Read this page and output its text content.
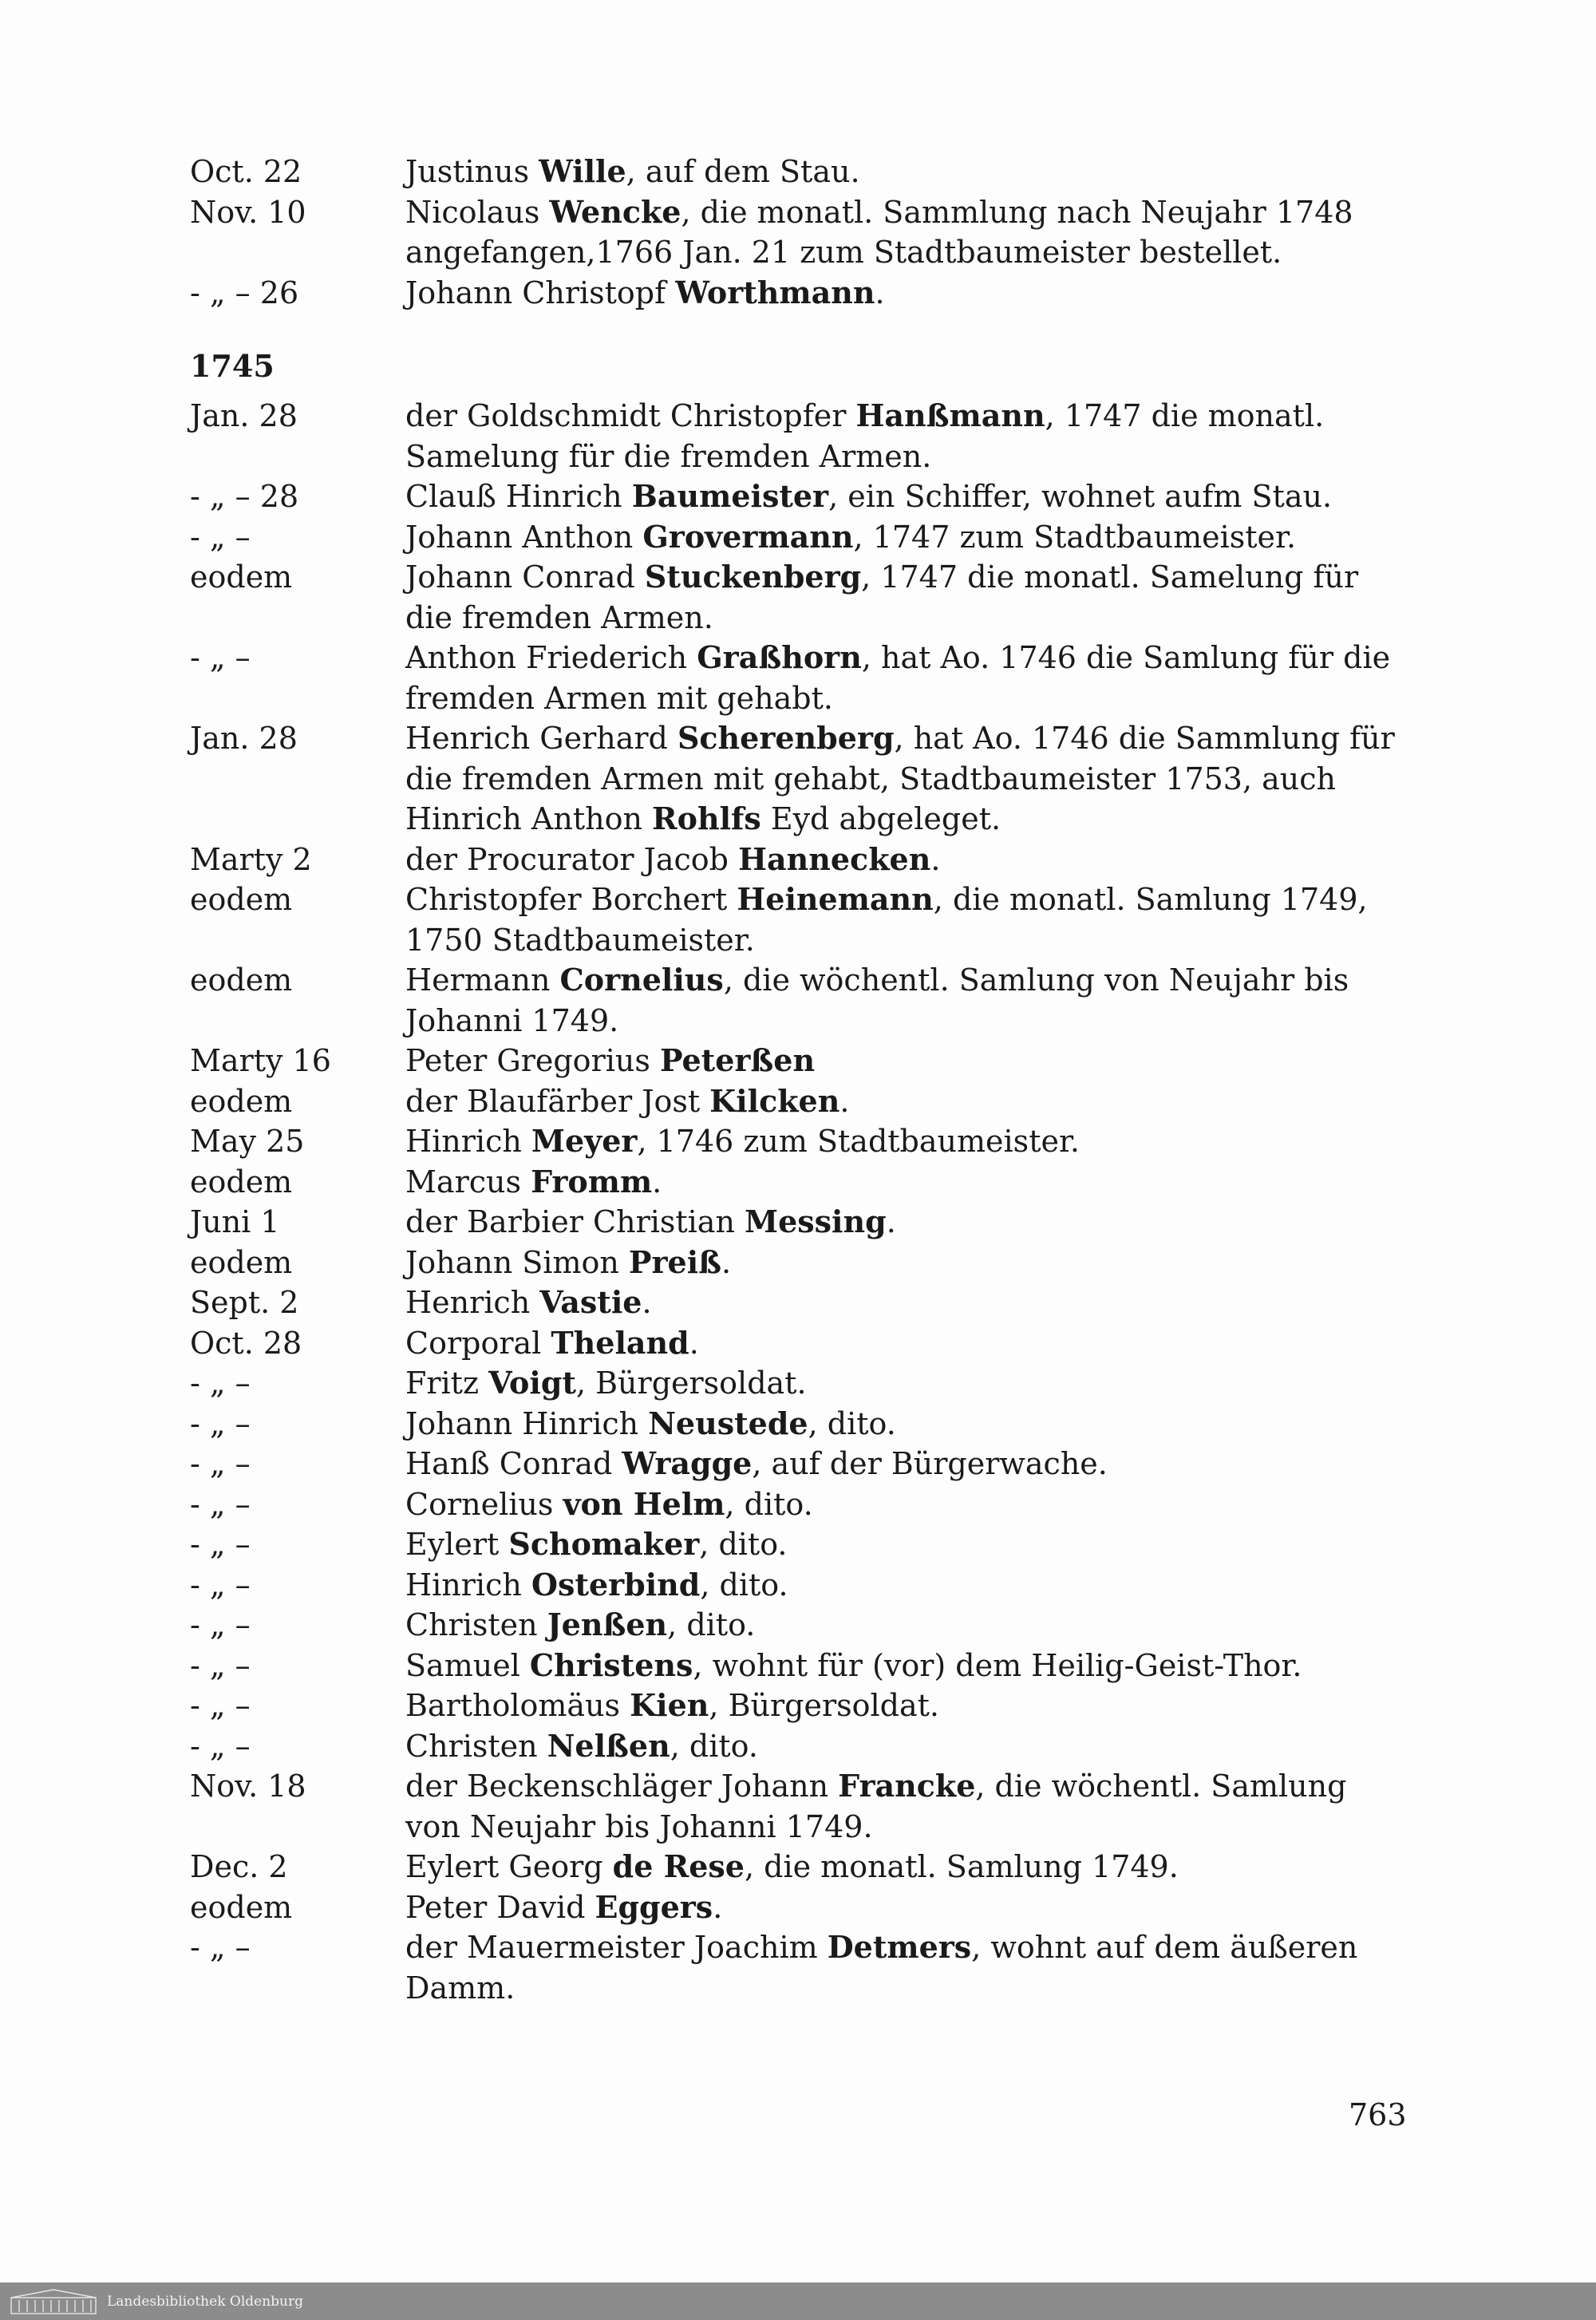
Oct. 22	Justinus Wille, auf dem Stau.
Nov. 10	Nicolaus Wencke, die monatl. Sammlung nach Neujahr 1748 angefangen,1766 Jan. 21 zum Stadtbaumeister bestellet.
- „ – 26	Johann Christopf Worthmann.
1745
Jan. 28	der Goldschmidt Christopfer Hanßmann, 1747 die monatl. Samelung für die fremden Armen.
- „ – 28	Clauß Hinrich Baumeister, ein Schiffer, wohnet aufm Stau.
- „ –	Johann Anthon Grovermann, 1747 zum Stadtbaumeister.
eodem	Johann Conrad Stuckenberg, 1747 die monatl. Samelung für die fremden Armen.
- „ –	Anthon Friederich Graßhorn, hat Ao. 1746 die Samlung für die fremden Armen mit gehabt.
Jan. 28	Henrich Gerhard Scherenberg, hat Ao. 1746 die Sammlung für die fremden Armen mit gehabt, Stadtbaumeister 1753, auch Hinrich Anthon Rohlfs Eyd abgeleget.
Marty 2	der Procurator Jacob Hannecken.
eodem	Christopfer Borchert Heinemann, die monatl. Samlung 1749, 1750 Stadtbaumeister.
eodem	Hermann Cornelius, die wöchentl. Samlung von Neujahr bis Johanni 1749.
Marty 16	Peter Gregorius Peterßen
eodem	der Blaufärber Jost Kilcken.
May 25	Hinrich Meyer, 1746 zum Stadtbaumeister.
eodem	Marcus Fromm.
Juni 1	der Barbier Christian Messing.
eodem	Johann Simon Preiß.
Sept. 2	Henrich Vastie.
Oct. 28	Corporal Theland.
- „ –	Fritz Voigt, Bürgersoldat.
- „ –	Johann Hinrich Neustede, dito.
- „ –	Hanß Conrad Wragge, auf der Bürgerwache.
- „ –	Cornelius von Helm, dito.
- „ –	Eylert Schomaker, dito.
- „ –	Hinrich Osterbind, dito.
- „ –	Christen Jenßen, dito.
- „ –	Samuel Christens, wohnt für (vor) dem Heilig-Geist-Thor.
- „ –	Bartholomäus Kien, Bürgersoldat.
- „ –	Christen Nelßen, dito.
Nov. 18	der Beckenschläger Johann Francke, die wöchentl. Samlung von Neujahr bis Johanni 1749.
Dec. 2	Eylert Georg de Rese, die monatl. Samlung 1749.
eodem	Peter David Eggers.
- „ –	der Mauermeister Joachim Detmers, wohnt auf dem äußeren Damm.
763
Landesbibliothek Oldenburg
